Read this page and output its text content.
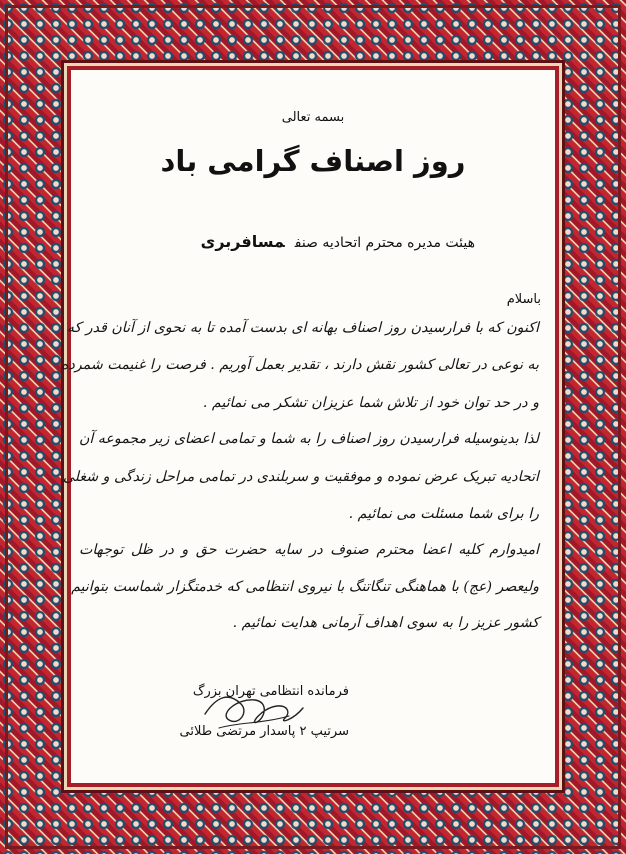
بسمه تعالی
روز اصناف گرامی باد
هیئت مدیره محترم اتحادیه صنفمسافربری
باسلام
اکنون که با فرارسیدن روز اصناف بهانه ای بدست آمده تا به نحوی از آنان قدر که
به نوعی در تعالی کشور نقش دارند ، تقدیر بعمل آوریم . فرصت را غنیمت شمرده
و در حد توان خود از تلاش شما عزیزان تشکر می نمائیم .
لذا بدینوسیله فرارسیدن روز اصناف را به شما و تمامی اعضای زیر مجموعه آن
اتحادیه تبریک عرض نموده و موفقیت و سربلندی در تمامی مراحل زندگی و شغلی
را برای شما مسئلت می نمائیم .
امیدوارم کلیه اعضا محترم صنوف در سایه حضرت حق و در ظل توجهات
ولیعصر (عج) با هماهنگی تنگاتنگ با نیروی انتظامی که خدمتگزار شماست بتوانیم
کشور عزیز را به سوی اهداف آرمانی هدایت نمائیم .
فرمانده انتظامی تهران بزرگ
سرتیپ ۲ پاسدار مرتضی طلائی
